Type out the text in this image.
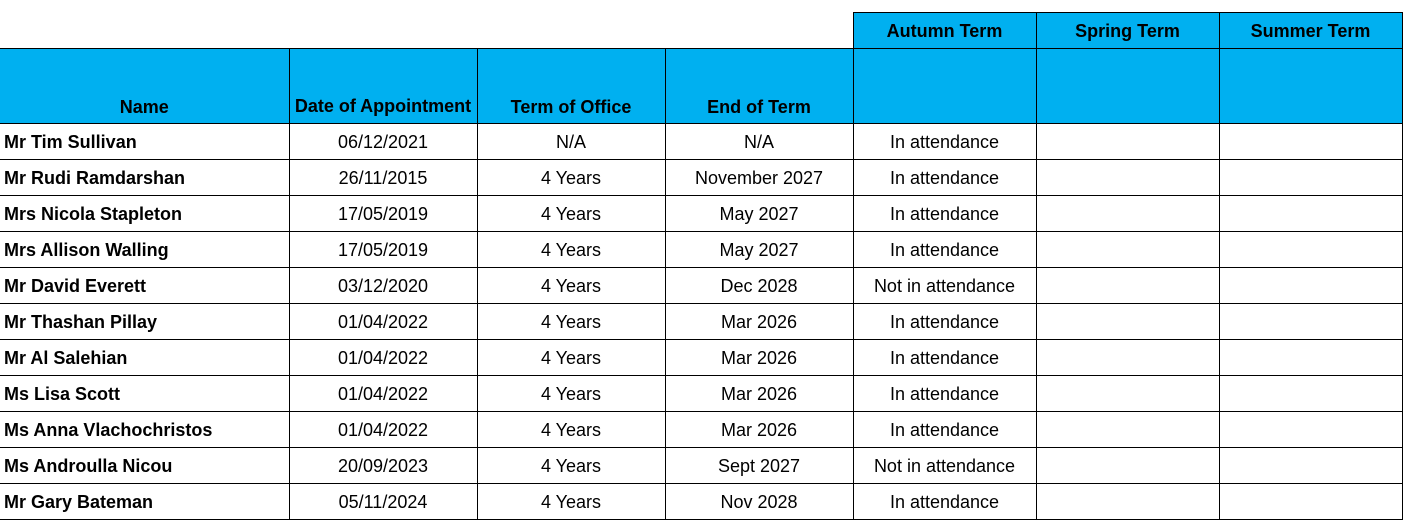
				Autumn Term	Spring Term	Summer Term
Name	Date of Appointment	Term of Office	End of Term			
Mr Tim Sullivan	06/12/2021	N/A	N/A	In attendance		
Mr Rudi Ramdarshan	26/11/2015	4 Years	November 2027	In attendance		
Mrs Nicola Stapleton	17/05/2019	4 Years	May 2027	In attendance		
Mrs Allison Walling	17/05/2019	4 Years	May 2027	In attendance		
Mr David Everett	03/12/2020	4 Years	Dec 2028	Not in attendance		
Mr Thashan Pillay	01/04/2022	4 Years	Mar 2026	In attendance		
Mr Al Salehian	01/04/2022	4 Years	Mar 2026	In attendance		
Ms Lisa Scott	01/04/2022	4 Years	Mar 2026	In attendance		
Ms Anna Vlachochristos	01/04/2022	4 Years	Mar 2026	In attendance		
Ms Androulla Nicou	20/09/2023	4 Years	Sept 2027	Not in attendance		
Mr Gary Bateman	05/11/2024	4 Years	Nov 2028	In attendance		
